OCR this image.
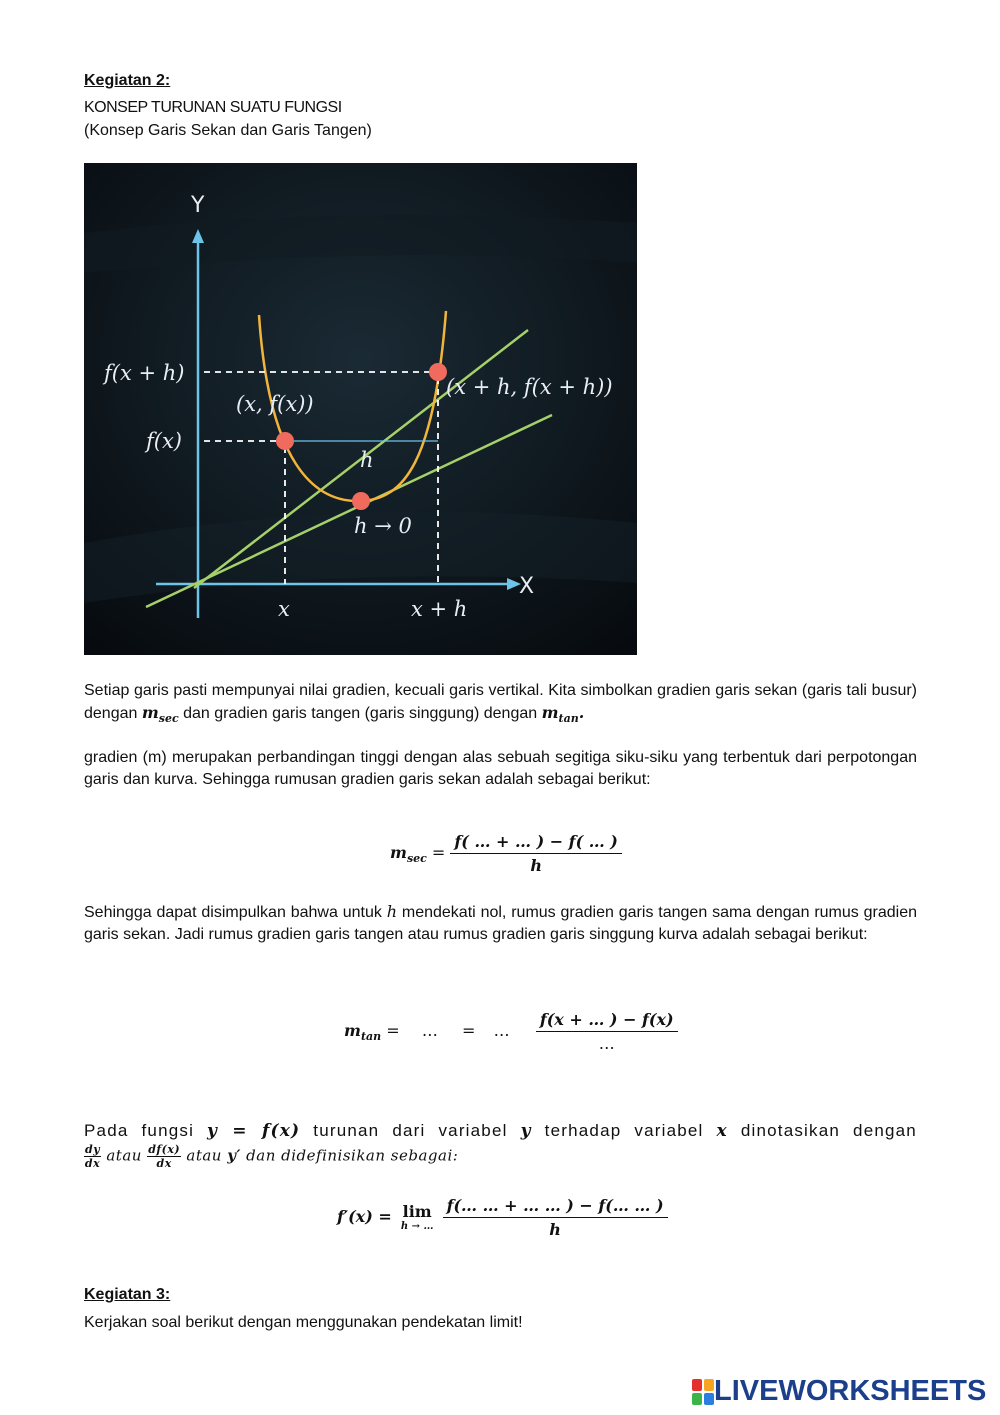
Kegiatan 2:
KONSEP TURUNAN SUATU FUNGSI
(Konsep Garis Sekan dan Garis Tangen)
Y
X
f(x + h)
f(x)
(x, f(x))
(x + h, f(x + h))
h
h → 0
x	x + h
Setiap garis pasti mempunyai nilai gradien, kecuali garis vertikal. Kita simbolkan gradien garis sekan (garis tali busur) dengan $m_{sec}$ dan gradien garis tangen (garis singgung) dengan $m_{tan}$.
gradien (m) merupakan perbandingan tinggi dengan alas sebuah segitiga siku-siku yang terbentuk dari perpotongan garis dan kurva. Sehingga rumusan gradien garis sekan adalah sebagai berikut:
$m_{sec} = \frac{f( \dots + \dots ) - f( \dots )}{h}$
Sehingga dapat disimpulkan bahwa untuk h mendekati nol, rumus gradien garis tangen sama dengan rumus gradien garis sekan. Jadi rumus gradien garis tangen atau rumus gradien garis singgung kurva adalah sebagai berikut:
$m_{tan}$ = … = … $\frac{f(x + \dots ) - f(x)}{\dots}$
Pada fungsi y = f(x) turunan dari variabel y terhadap variabel x dinotasikan dengan
$\frac{dy}{dx}$ atau $\frac{df(x)}{dx}$ atau y′ dan didefinisikan sebagai:
f′(x) = lim
h → …
$\frac{f(\dots \dots + \dots \dots ) - f(\dots \dots )}{h}$
Kegiatan 3:
Kerjakan soal berikut dengan menggunakan pendekatan limit!
LIVEWORKSHEETS
